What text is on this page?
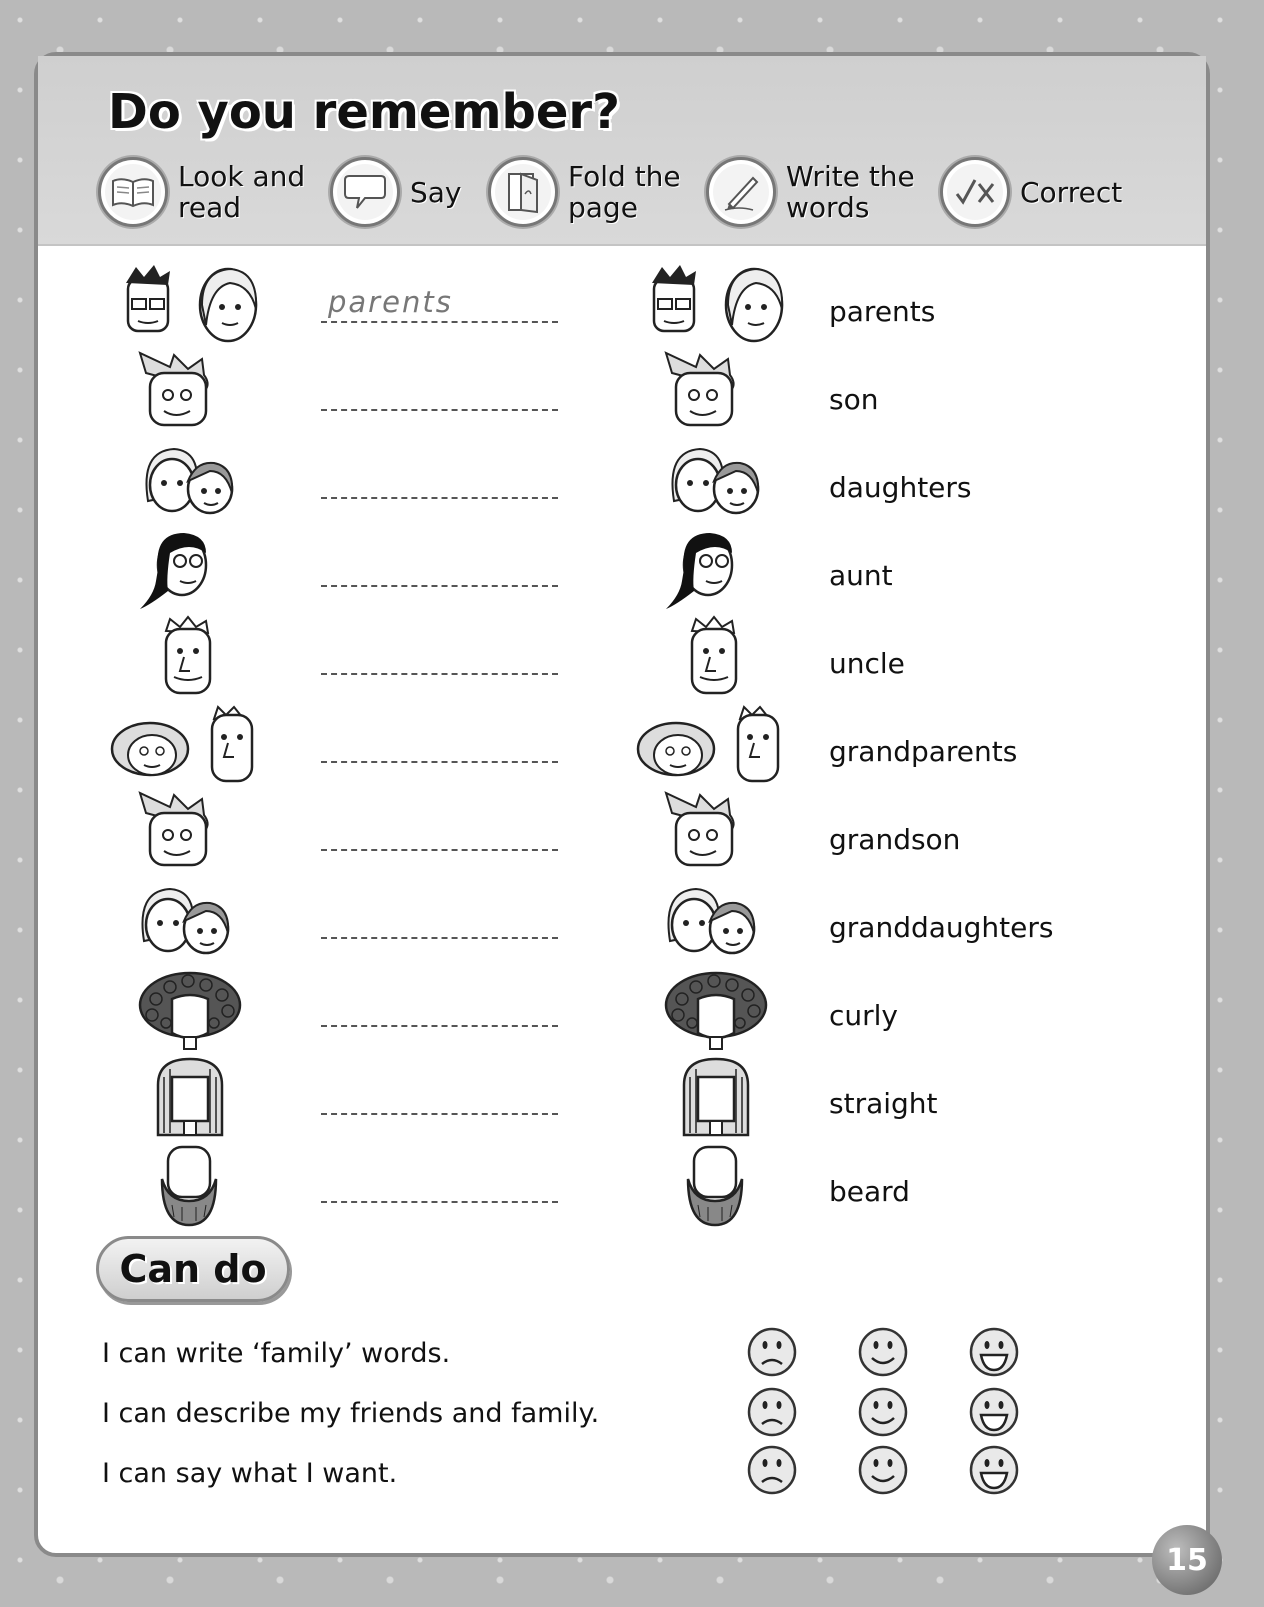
Do you remember?
Look and
read	Say	Fold the
page
Write the
words	Correct
parents	parents
son
daughters
aunt
uncle
grandparents
grandson
granddaughters
curly
straight
beard
Can do
I can write ‘family’ words.
I can describe my friends and family.
I can say what I want.
15
